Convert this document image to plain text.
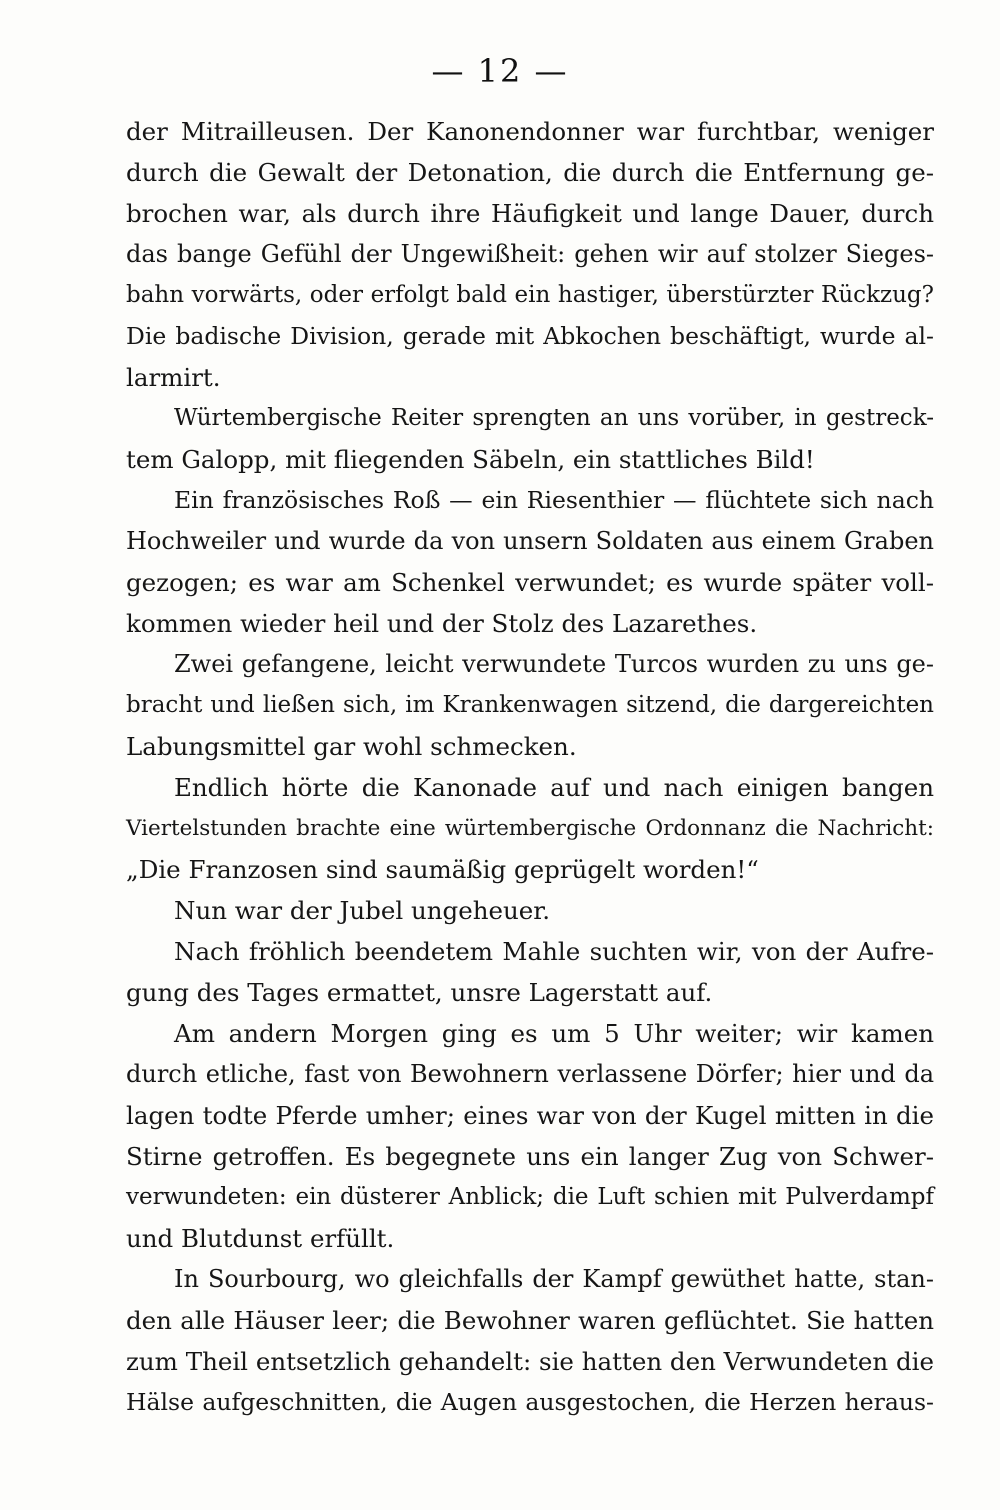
— 12 —
der Mitrailleusen. Der Kanonendonner war furchtbar, weniger
durch die Gewalt der Detonation, die durch die Entfernung ge-
brochen war, als durch ihre Häufigkeit und lange Dauer, durch
das bange Gefühl der Ungewißheit: gehen wir auf stolzer Sieges-
bahn vorwärts, oder erfolgt bald ein hastiger, überstürzter Rückzug?
Die badische Division, gerade mit Abkochen beschäftigt, wurde al-
larmirt.
Würtembergische Reiter sprengten an uns vorüber, in gestreck-
tem Galopp, mit fliegenden Säbeln, ein stattliches Bild!
Ein französisches Roß — ein Riesenthier — flüchtete sich nach
Hochweiler und wurde da von unsern Soldaten aus einem Graben
gezogen; es war am Schenkel verwundet; es wurde später voll-
kommen wieder heil und der Stolz des Lazarethes.
Zwei gefangene, leicht verwundete Turcos wurden zu uns ge-
bracht und ließen sich, im Krankenwagen sitzend, die dargereichten
Labungsmittel gar wohl schmecken.
Endlich hörte die Kanonade auf und nach einigen bangen
Viertelstunden brachte eine würtembergische Ordonnanz die Nachricht:
„Die Franzosen sind saumäßig geprügelt worden!“
Nun war der Jubel ungeheuer.
Nach fröhlich beendetem Mahle suchten wir, von der Aufre-
gung des Tages ermattet, unsre Lagerstatt auf.
Am andern Morgen ging es um 5 Uhr weiter; wir kamen
durch etliche, fast von Bewohnern verlassene Dörfer; hier und da
lagen todte Pferde umher; eines war von der Kugel mitten in die
Stirne getroffen. Es begegnete uns ein langer Zug von Schwer-
verwundeten: ein düsterer Anblick; die Luft schien mit Pulverdampf
und Blutdunst erfüllt.
In Sourbourg, wo gleichfalls der Kampf gewüthet hatte, stan-
den alle Häuser leer; die Bewohner waren geflüchtet. Sie hatten
zum Theil entsetzlich gehandelt: sie hatten den Verwundeten die
Hälse aufgeschnitten, die Augen ausgestochen, die Herzen heraus-
